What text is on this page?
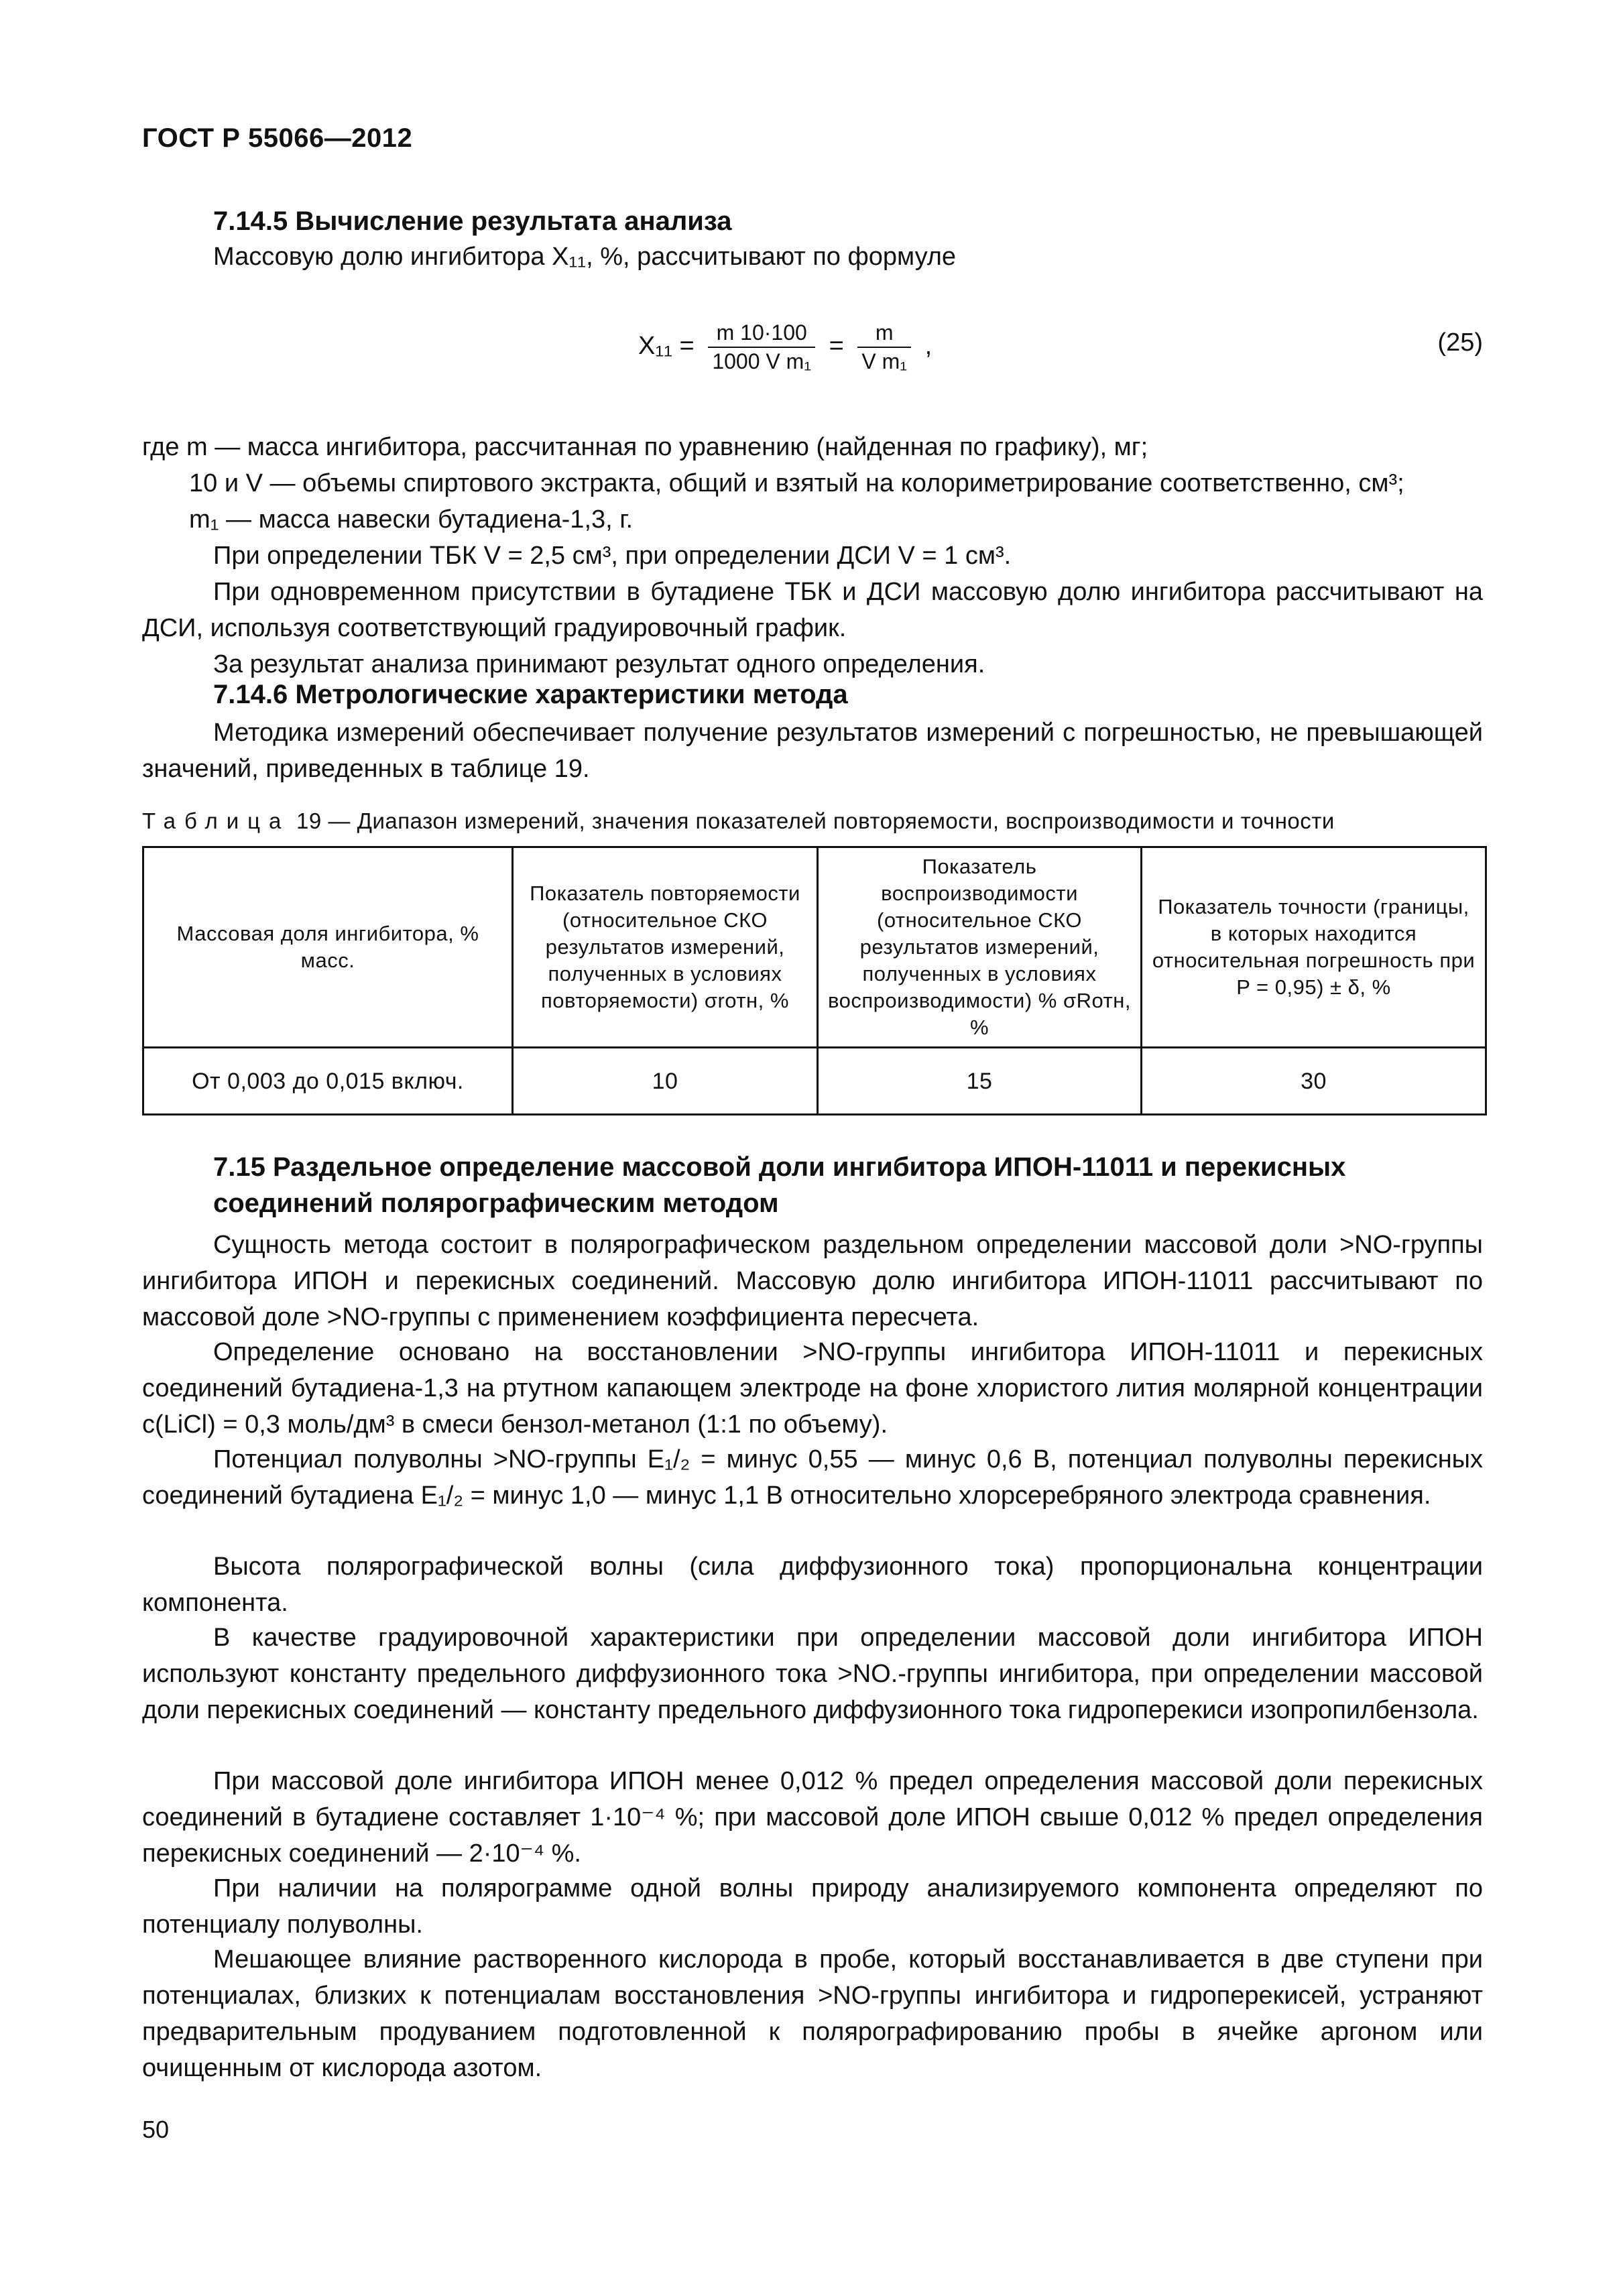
ГОСТ Р 55066—2012
7.14.5 Вычисление результата анализа
Массовую долю ингибитора X₁₁, %, рассчитывают по формуле
$X_{11} = \frac{m 10\cdot 100}{\text{1000 V m₁}} = \frac{m}{\text{V m₁}}$ ,	(25)
где m — масса ингибитора, рассчитанная по уравнению (найденная по графику), мг;
10 и V — объемы спиртового экстракта, общий и взятый на колориметрирование соответственно, см³;
m₁ — масса навески бутадиена-1,3, г.
При определении ТБК V = 2,5 см³, при определении ДСИ V = 1 см³.
При одновременном присутствии в бутадиене ТБК и ДСИ массовую долю ингибитора рассчитывают на ДСИ, используя соответствующий градуировочный график.
За результат анализа принимают результат одного определения.
7.14.6 Метрологические характеристики метода
Методика измерений обеспечивает получение результатов измерений с погрешностью, не превышающей значений, приведенных в таблице 19.
Таблица 19 — Диапазон измерений, значения показателей повторяемости, воспроизводимости и точности
Массовая доля ингибитора, % масс.	Показатель повторяемости (относительное СКО результатов измерений, полученных в условиях повторяемости) σrотн, %	Показатель воспроизводимости (относительное СКО результатов измерений, полученных в условиях воспроизводимости) % σRотн, %	Показатель точности (границы, в которых находится относительная погрешность при P = 0,95) ± δ, %
От 0,003 до 0,015 включ.	10	15	30
7.15 Раздельное определение массовой доли ингибитора ИПОН-11011 и перекисных соединений полярографическим методом
Сущность метода состоит в полярографическом раздельном определении массовой доли >NO-группы ингибитора ИПОН и перекисных соединений. Массовую долю ингибитора ИПОН-11011 рассчитывают по массовой доле >NO-группы с применением коэффициента пересчета.
Определение основано на восстановлении >NO-группы ингибитора ИПОН-11011 и перекисных соединений бутадиена-1,3 на ртутном капающем электроде на фоне хлористого лития молярной концентрации c(LiCl) = 0,3 моль/дм³ в смеси бензол-метанол (1:1 по объему).
Потенциал полуволны >NO-группы E₁/₂ = минус 0,55 — минус 0,6 В, потенциал полуволны перекисных соединений бутадиена E₁/₂ = минус 1,0 — минус 1,1 В относительно хлорсеребряного электрода сравнения.
Высота полярографической волны (сила диффузионного тока) пропорциональна концентрации компонента.
В качестве градуировочной характеристики при определении массовой доли ингибитора ИПОН используют константу предельного диффузионного тока >NO.-группы ингибитора, при определении массовой доли перекисных соединений — константу предельного диффузионного тока гидроперекиси изопропилбензола.
При массовой доле ингибитора ИПОН менее 0,012 % предел определения массовой доли перекисных соединений в бутадиене составляет 1·10⁻⁴ %; при массовой доле ИПОН свыше 0,012 % предел определения перекисных соединений — 2·10⁻⁴ %.
При наличии на полярограмме одной волны природу анализируемого компонента определяют по потенциалу полуволны.
Мешающее влияние растворенного кислорода в пробе, который восстанавливается в две ступени при потенциалах, близких к потенциалам восстановления >NO-группы ингибитора и гидроперекисей, устраняют предварительным продуванием подготовленной к полярографированию пробы в ячейке аргоном или очищенным от кислорода азотом.
50
